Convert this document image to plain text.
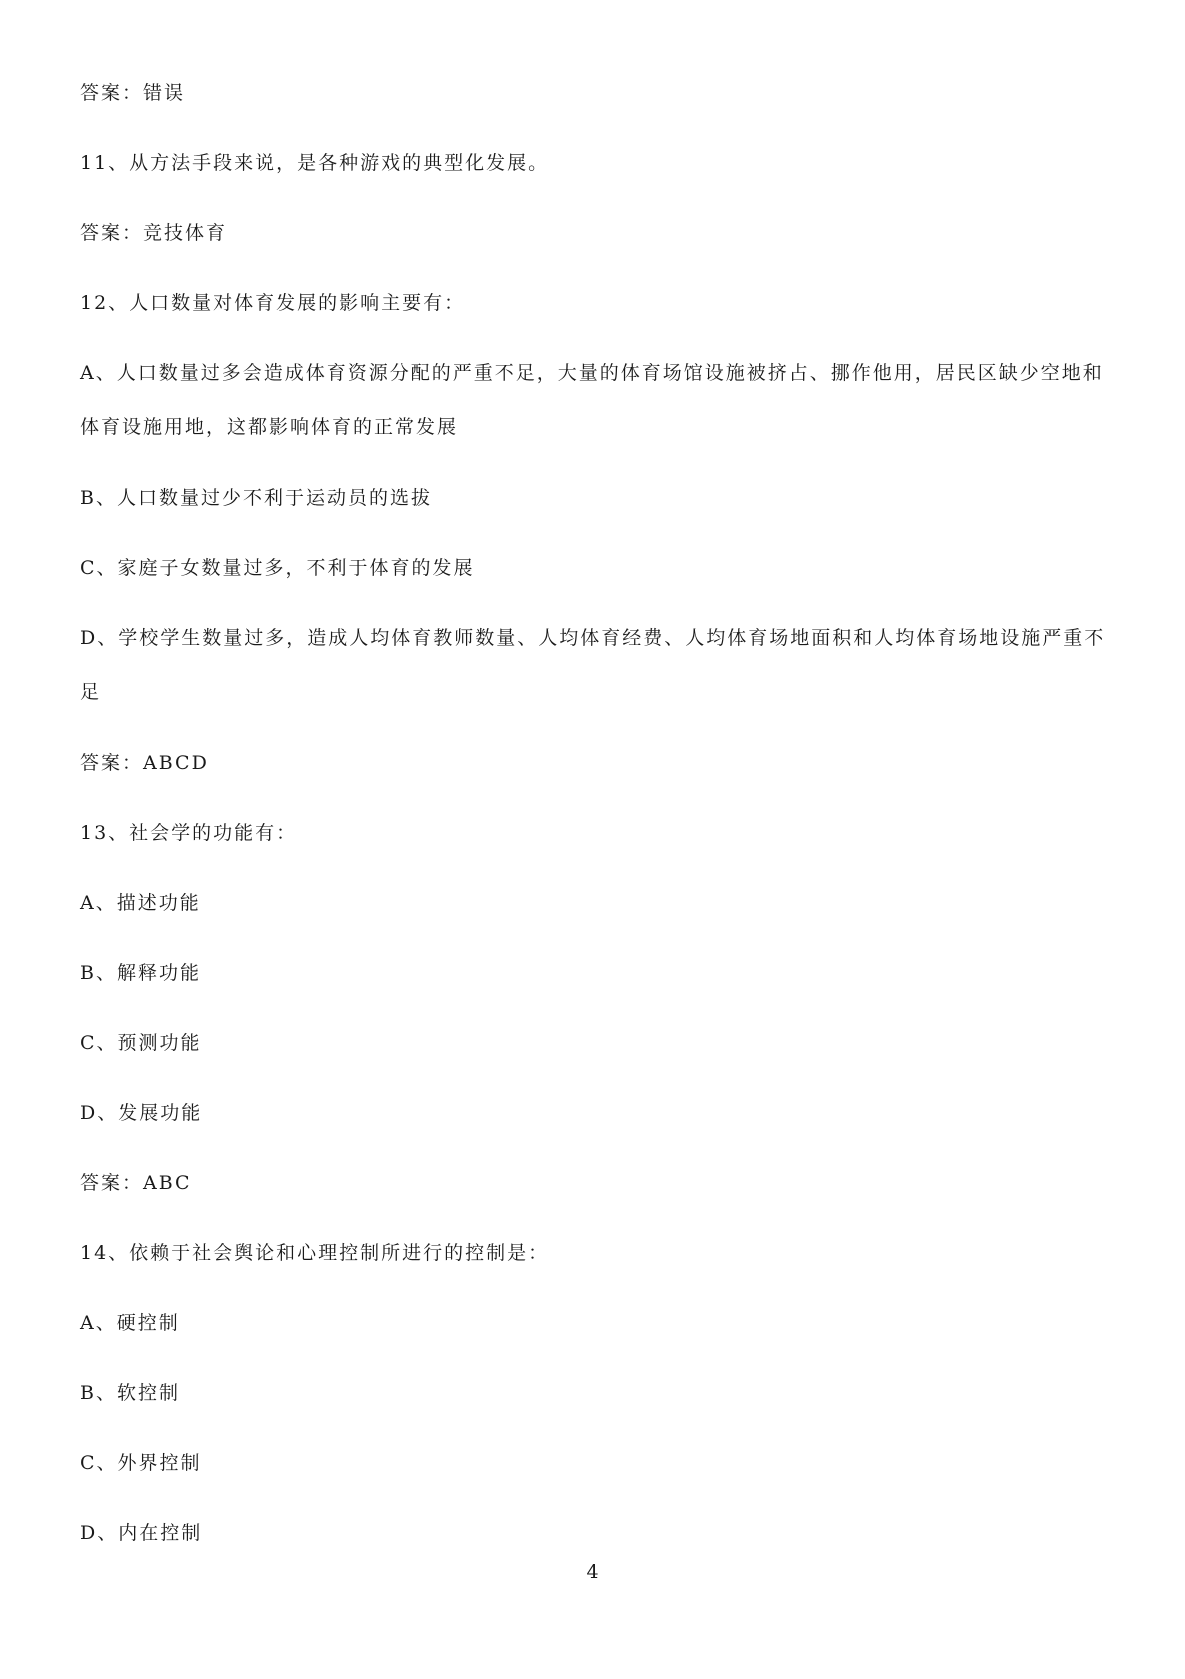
答案：错误
11、从方法手段来说，是各种游戏的典型化发展。
答案：竞技体育
12、人口数量对体育发展的影响主要有：
A、人口数量过多会造成体育资源分配的严重不足，大量的体育场馆设施被挤占、挪作他用，居民区缺少空地和
体育设施用地，这都影响体育的正常发展
B、人口数量过少不利于运动员的选拔
C、家庭子女数量过多，不利于体育的发展
D、学校学生数量过多，造成人均体育教师数量、人均体育经费、人均体育场地面积和人均体育场地设施严重不
足
答案：ABCD
13、社会学的功能有：
A、描述功能
B、解释功能
C、预测功能
D、发展功能
答案：ABC
14、依赖于社会舆论和心理控制所进行的控制是：
A、硬控制
B、软控制
C、外界控制
D、内在控制
4
